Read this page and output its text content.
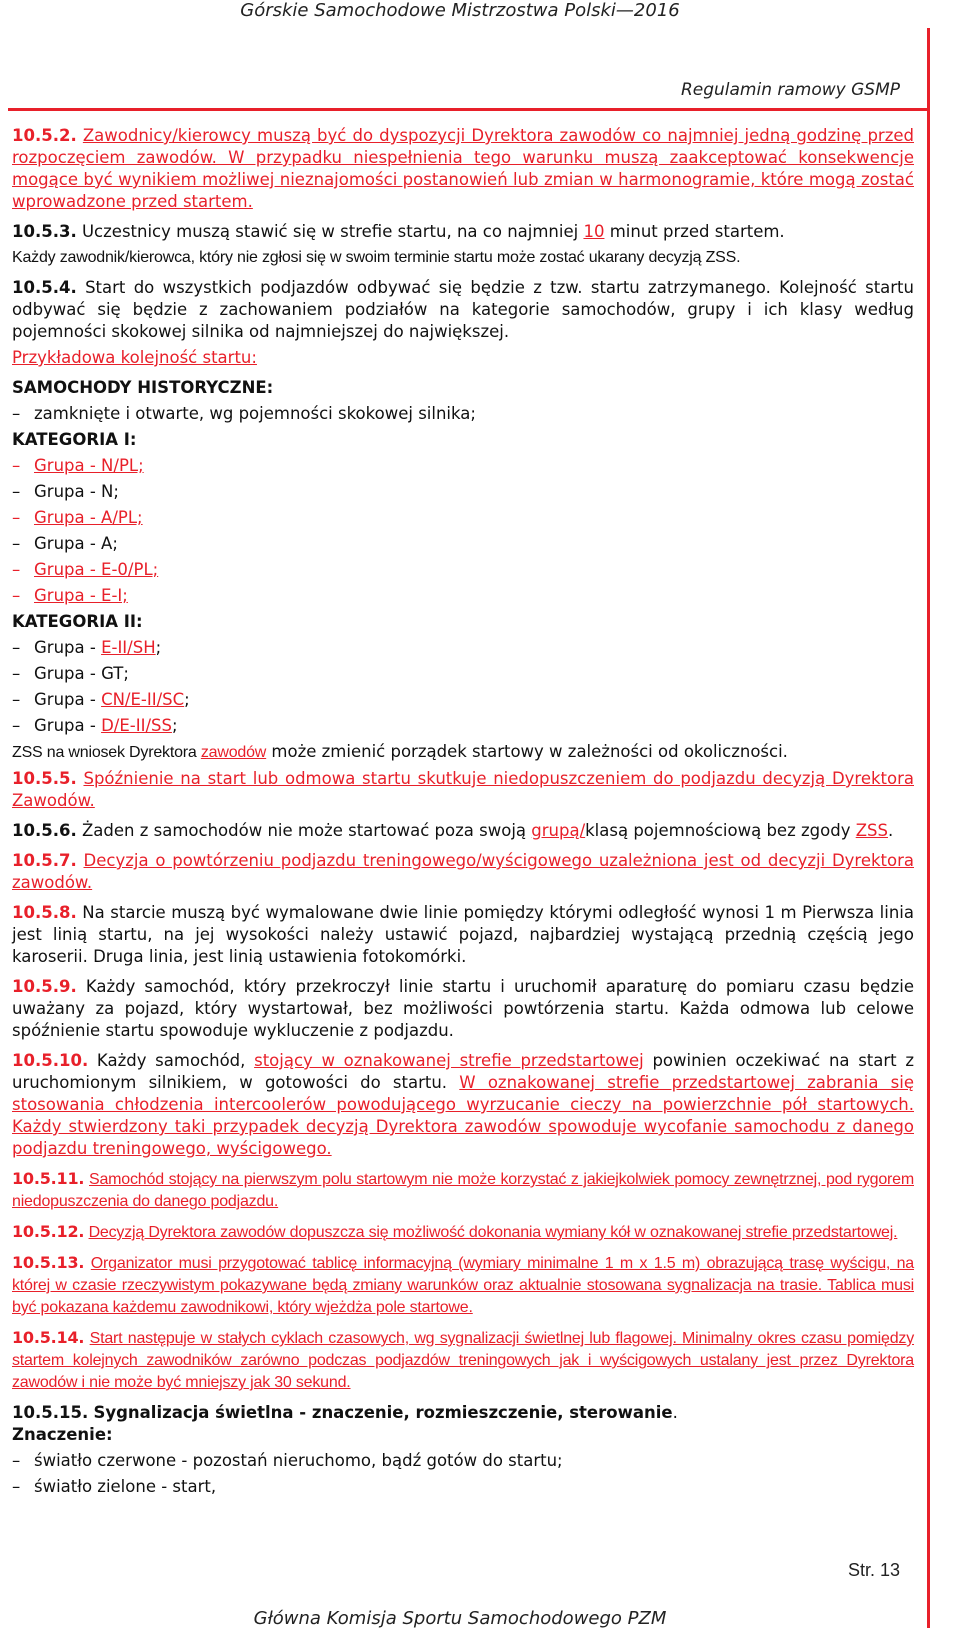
Górskie Samochodowe Mistrzostwa Polski—2016
Regulamin ramowy GSMP

10.5.2. Zawodnicy/kierowcy muszą być do dyspozycji Dyrektora zawodów co najmniej jedną godzinę przed rozpoczęciem zawodów. W przypadku niespełnienia tego warunku muszą zaakceptować konsekwencje mogące być wynikiem możliwej nieznajomości postanowień lub zmian w harmonogramie, które mogą zostać wprowadzone przed startem.

10.5.3. Uczestnicy muszą stawić się w strefie startu, na co najmniej 10 minut przed startem.

Każdy zawodnik/kierowca, który nie zgłosi się w swoim terminie startu może zostać ukarany decyzją ZSS.

10.5.4. Start do wszystkich podjazdów odbywać się będzie z tzw. startu zatrzymanego. Kolejność startu odbywać się będzie z zachowaniem podziałów na kategorie samochodów, grupy i ich klasy według pojemności skokowej silnika od najmniejszej do największej.

Przykładowa kolejność startu:

SAMOCHODY HISTORYCZNE:

– zamknięte i otwarte, wg pojemności skokowej silnika;

KATEGORIA I:

– Grupa - N/PL;

– Grupa - N;

– Grupa - A/PL;

– Grupa - A;

– Grupa - E-0/PL;

– Grupa - E-I;

KATEGORIA II:

– Grupa - E-II/SH;

– Grupa - GT;

– Grupa - CN/E-II/SC;

– Grupa - D/E-II/SS;

ZSS na wniosek Dyrektora zawodów może zmienić porządek startowy w zależności od okoliczności.

10.5.5. Spóźnienie na start lub odmowa startu skutkuje niedopuszczeniem do podjazdu decyzją Dyrektora Zawodów.

10.5.6. Żaden z samochodów nie może startować poza swoją grupą/klasą pojemnościową bez zgody ZSS.

10.5.7. Decyzja o powtórzeniu podjazdu treningowego/wyścigowego uzależniona jest od decyzji Dyrektora zawodów.

10.5.8. Na starcie muszą być wymalowane dwie linie pomiędzy którymi odległość wynosi 1 m Pierwsza linia jest linią startu, na jej wysokości należy ustawić pojazd, najbardziej wystającą przednią częścią jego karoserii. Druga linia, jest linią ustawienia fotokomórki.

10.5.9. Każdy samochód, który przekroczył linie startu i uruchomił aparaturę do pomiaru czasu będzie uważany za pojazd, który wystartował, bez możliwości powtórzenia startu. Każda odmowa lub celowe spóźnienie startu spowoduje wykluczenie z podjazdu.

10.5.10. Każdy samochód, stojący w oznakowanej strefie przedstartowej powinien oczekiwać na start z uruchomionym silnikiem, w gotowości do startu. W oznakowanej strefie przedstartowej zabrania się stosowania chłodzenia intercoolerów powodującego wyrzucanie cieczy na powierzchnie pół startowych. Każdy stwierdzony taki przypadek decyzją Dyrektora zawodów spowoduje wycofanie samochodu z danego podjazdu treningowego, wyścigowego.

10.5.11. Samochód stojący na pierwszym polu startowym nie może korzystać z jakiejkolwiek pomocy zewnętrznej, pod rygorem niedopuszczenia do danego podjazdu.

10.5.12. Decyzją Dyrektora zawodów dopuszcza się możliwość dokonania wymiany kół w oznakowanej strefie przedstartowej.

10.5.13. Organizator musi przygotować tablicę informacyjną (wymiary minimalne 1 m x 1.5 m) obrazującą trasę wyścigu, na której w czasie rzeczywistym pokazywane będą zmiany warunków oraz aktualnie stosowana sygnalizacja na trasie. Tablica musi być pokazana każdemu zawodnikowi, który wjeżdża pole startowe.

10.5.14. Start następuje w stałych cyklach czasowych, wg sygnalizacji świetlnej lub flagowej. Minimalny okres czasu pomiędzy startem kolejnych zawodników zarówno podczas podjazdów treningowych jak i wyścigowych ustalany jest przez Dyrektora zawodów i nie może być mniejszy jak 30 sekund.

10.5.15. Sygnalizacja świetlna - znaczenie, rozmieszczenie, sterowanie.

Znaczenie:

– światło czerwone - pozostań nieruchomo, bądź gotów do startu;

– światło zielone - start,

Str. 13
Główna Komisja Sportu Samochodowego PZM
